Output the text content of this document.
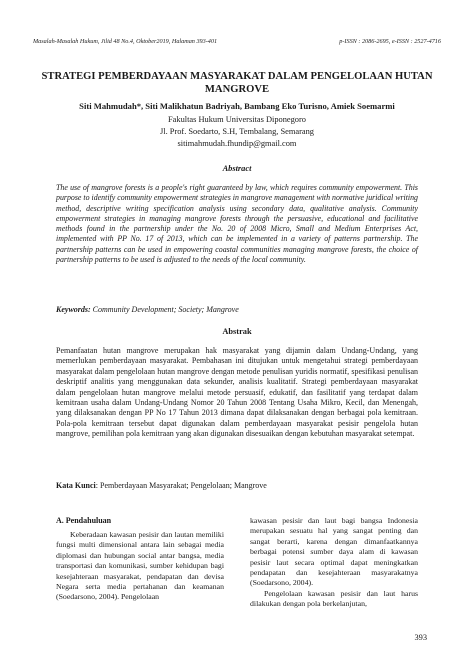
Masalah-Masalah Hukum, Jilid 48 No.4, Oktober2019, Halaman 393-401	p-ISSN : 2086-2695, e-ISSN : 2527-4716
STRATEGI PEMBERDAYAAN MASYARAKAT DALAM PENGELOLAAN HUTAN MANGROVE
Siti Mahmudah*, Siti Malikhatun Badriyah, Bambang Eko Turisno, Amiek Soemarmi
Fakultas Hukum Universitas Diponegoro
Jl. Prof. Soedarto, S.H, Tembalang, Semarang
sitimahmudah.fhundip@gmail.com
Abstract

The use of mangrove forests is a people's right guaranteed by law, which requires community empowerment. This purpose to identify community empowerment strategies in mangrove management with normative juridical writing method, descriptive writing specification analysis using secondary data, qualitative analysis. Community empowerment strategies in managing mangrove forests through the persuasive, educational and facilitative methods found in the partnership under the No. 20 of 2008 Micro, Small and Medium Enterprises Act, implemented with PP No. 17 of 2013, which can be implemented in a variety of patterns partnership. The partnership patterns can be used in empowering coastal communities managing mangrove forests, the choice of partnership patterns to be used is adjusted to the needs of the local community.

Keywords: Community Development; Society; Mangrove

Abstrak

Pemanfaatan hutan mangrove merupakan hak masyarakat yang dijamin dalam Undang-Undang, yang memerlukan pemberdayaan masyarakat. Pembahasan ini ditujukan untuk mengetahui strategi pemberdayaan masyarakat dalam pengelolaan hutan mangrove dengan metode penulisan yuridis normatif, spesifikasi penulisan deskriptif analitis yang menggunakan data sekunder, analisis kualitatif. Strategi pemberdayaan masyarakat dalam pengelolaan hutan mangrove melalui metode persuasif, edukatif, dan fasilitatif yang terdapat dalam kemitraan usaha dalam Undang-Undang Nomor 20 Tahun 2008 Tentang Usaha Mikro, Kecil, dan Menengah, yang dilaksanakan dengan PP No 17 Tahun 2013 dimana dapat dilaksanakan dengan berbagai pola kemitraan. Pola-pola kemitraan tersebut dapat digunakan dalam pemberdayaan masyarakat pesisir pengelola hutan mangrove, pemilihan pola kemitraan yang akan digunakan disesuaikan dengan kebutuhan masyarakat setempat.

Kata Kunci: Pemberdayaan Masyarakat; Pengelolaan; Mangrove

A. Pendahuluan

Keberadaan kawasan pesisir dan lautan memiliki fungsi multi dimensional antara lain sebagai media diplomasi dan hubungan social antar bangsa, media transportasi dan komunikasi, sumber kehidupan bagi kesejahteraan masyarakat, pendapatan dan devisa Negara serta media pertahanan dan keamanan (Soedarsono, 2004). Pengelolaan

kawasan pesisir dan laut bagi bangsa Indonesia merupakan sesuatu hal yang sangat penting dan sangat berarti, karena dengan dimanfaatkannya berbagai potensi sumber daya alam di kawasan pesisir laut secara optimal dapat meningkatkan pendapatan dan kesejahteraan masyarakatnya (Soedarsono, 2004).

Pengelolaan kawasan pesisir dan laut harus dilakukan dengan pola berkelanjutan,

393
